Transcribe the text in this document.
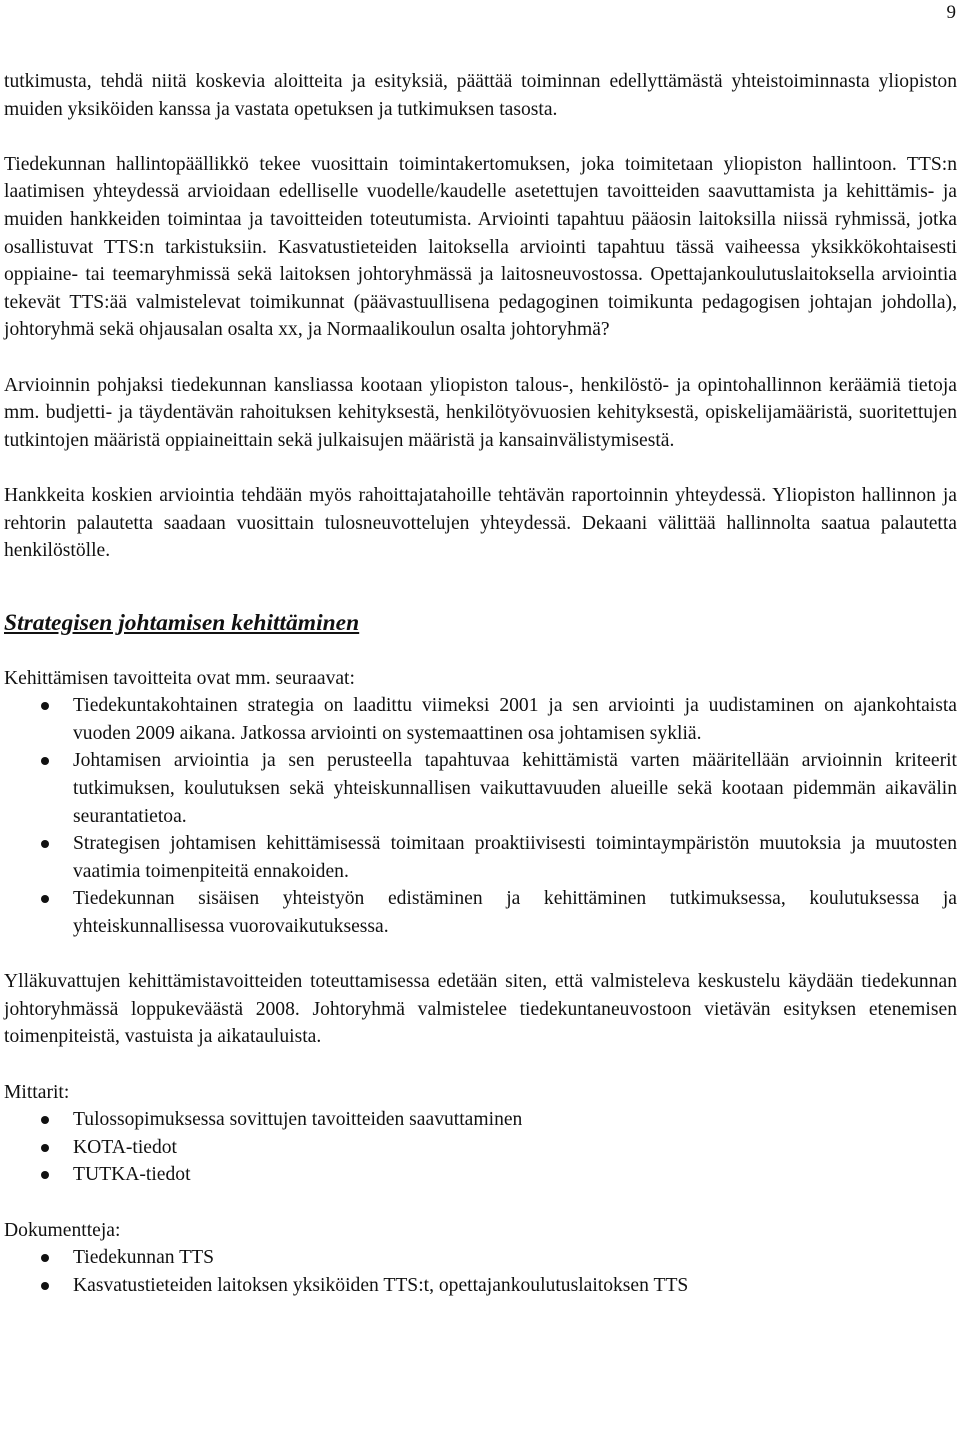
9

tutkimusta, tehdä niitä koskevia aloitteita ja esityksiä, päättää toiminnan edellyttämästä yhteistoiminnasta yliopiston muiden yksiköiden kanssa ja vastata opetuksen ja tutkimuksen tasosta.

Tiedekunnan hallintopäällikkö tekee vuosittain toimintakertomuksen, joka toimitetaan yliopiston hallintoon. TTS:n laatimisen yhteydessä arvioidaan edelliselle vuodelle/kaudelle asetettujen tavoitteiden saavuttamista ja kehittämis- ja muiden hankkeiden toimintaa ja tavoitteiden toteutumista. Arviointi tapahtuu pääosin laitoksilla niissä ryhmissä, jotka osallistuvat TTS:n tarkistuksiin. Kasvatustieteiden laitoksella arviointi tapahtuu tässä vaiheessa yksikkökohtaisesti oppiaine- tai teemaryhmissä sekä laitoksen johtoryhmässä ja laitosneuvostossa. Opettajankoulutuslaitoksella arviointia tekevät TTS:ää valmistelevat toimikunnat (päävastuullisena pedagoginen toimikunta pedagogisen johtajan johdolla), johtoryhmä sekä ohjausalan osalta xx, ja Normaalikoulun osalta johtoryhmä?

Arvioinnin pohjaksi tiedekunnan kansliassa kootaan yliopiston talous-, henkilöstö- ja opintohallinnon keräämiä tietoja mm. budjetti- ja täydentävän rahoituksen kehityksestä, henkilötyövuosien kehityksestä, opiskelijamääristä, suoritettujen tutkintojen määristä oppiaineittain sekä julkaisujen määristä ja kansainvälistymisestä.

Hankkeita koskien arviointia tehdään myös rahoittajatahoille tehtävän raportoinnin yhteydessä. Yliopiston hallinnon ja rehtorin palautetta saadaan vuosittain tulosneuvottelujen yhteydessä. Dekaani välittää hallinnolta saatua palautetta henkilöstölle.

Strategisen johtamisen kehittäminen

Kehittämisen tavoitteita ovat mm. seuraavat:

Tiedekuntakohtainen strategia on laadittu viimeksi 2001 ja sen arviointi ja uudistaminen on ajankohtaista vuoden 2009 aikana. Jatkossa arviointi on systemaattinen osa johtamisen sykliä.
Johtamisen arviointia ja sen perusteella tapahtuvaa kehittämistä varten määritellään arvioinnin kriteerit tutkimuksen, koulutuksen sekä yhteiskunnallisen vaikuttavuuden alueille sekä kootaan pidemmän aikavälin seurantatietoa.
Strategisen johtamisen kehittämisessä toimitaan proaktiivisesti toimintaympäristön muutoksia ja muutosten vaatimia toimenpiteitä ennakoiden.
Tiedekunnan sisäisen yhteistyön edistäminen ja kehittäminen tutkimuksessa, koulutuksessa ja yhteiskunnallisessa vuorovaikutuksessa.

Ylläkuvattujen kehittämistavoitteiden toteuttamisessa edetään siten, että valmisteleva keskustelu käydään tiedekunnan johtoryhmässä loppukeväästä 2008. Johtoryhmä valmistelee tiedekuntaneuvostoon vietävän esityksen etenemisen toimenpiteistä, vastuista ja aikatauluista.

Mittarit:

Tulossopimuksessa sovittujen tavoitteiden saavuttaminen
KOTA-tiedot
TUTKA-tiedot

Dokumentteja:

Tiedekunnan TTS
Kasvatustieteiden laitoksen yksiköiden TTS:t, opettajankoulutuslaitoksen TTS
